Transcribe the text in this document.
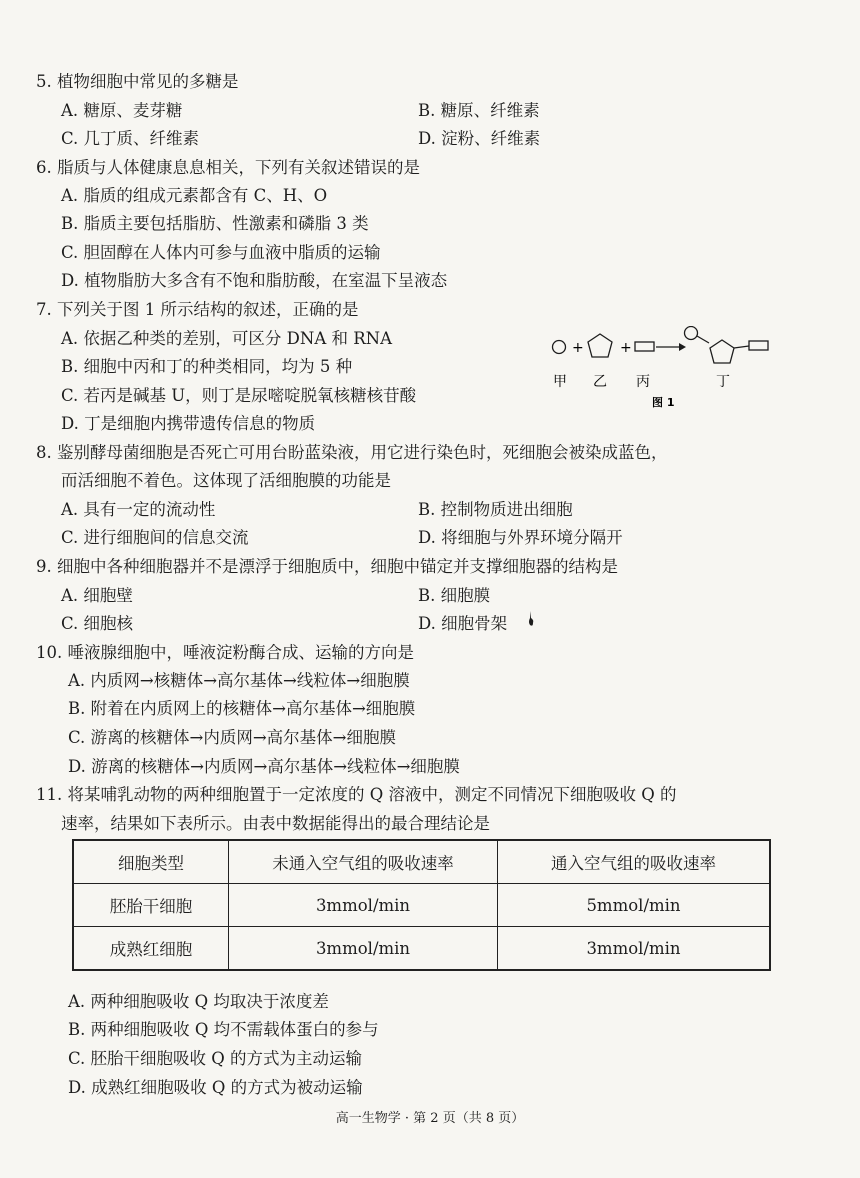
5. 植物细胞中常见的多糖是
A. 糖原、麦芽糖	B. 糖原、纤维素
C. 几丁质、纤维素	D. 淀粉、纤维素
6. 脂质与人体健康息息相关，下列有关叙述错误的是
A. 脂质的组成元素都含有 C、H、O
B. 脂质主要包括脂肪、性激素和磷脂 3 类
C. 胆固醇在人体内可参与血液中脂质的运输
D. 植物脂肪大多含有不饱和脂肪酸，在室温下呈液态
7. 下列关于图 1 所示结构的叙述，正确的是
A. 依据乙种类的差别，可区分 DNA 和 RNA
B. 细胞中丙和丁的种类相同，均为 5 种
C. 若丙是碱基 U，则丁是尿嘧啶脱氧核糖核苷酸
D. 丁是细胞内携带遗传信息的物质
+	+
甲 乙 丙	丁
图 1
8. 鉴别酵母菌细胞是否死亡可用台盼蓝染液，用它进行染色时，死细胞会被染成蓝色，
而活细胞不着色。这体现了活细胞膜的功能是
A. 具有一定的流动性	B. 控制物质进出细胞
C. 进行细胞间的信息交流	D. 将细胞与外界环境分隔开
9. 细胞中各种细胞器并不是漂浮于细胞质中，细胞中锚定并支撑细胞器的结构是
A. 细胞壁	B. 细胞膜
C. 细胞核	D. 细胞骨架
10. 唾液腺细胞中，唾液淀粉酶合成、运输的方向是
A. 内质网→核糖体→高尔基体→线粒体→细胞膜
B. 附着在内质网上的核糖体→高尔基体→细胞膜
C. 游离的核糖体→内质网→高尔基体→细胞膜
D. 游离的核糖体→内质网→高尔基体→线粒体→细胞膜
11. 将某哺乳动物的两种细胞置于一定浓度的 Q 溶液中，测定不同情况下细胞吸收 Q 的
速率，结果如下表所示。由表中数据能得出的最合理结论是
细胞类型	未通入空气组的吸收速率	通入空气组的吸收速率
胚胎干细胞	3mmol/min	5mmol/min
成熟红细胞	3mmol/min	3mmol/min
A. 两种细胞吸收 Q 均取决于浓度差
B. 两种细胞吸收 Q 均不需载体蛋白的参与
C. 胚胎干细胞吸收 Q 的方式为主动运输
D. 成熟红细胞吸收 Q 的方式为被动运输
高一生物学 · 第 2 页（共 8 页）
